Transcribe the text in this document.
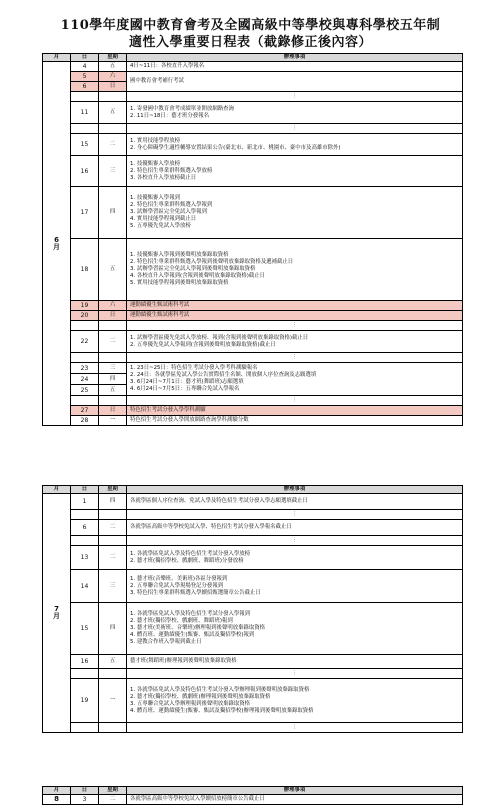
110學年度國中教育會考及全國高級中等學校與專科學校五年制
適性入學重要日程表（截錄修正後內容）
月	日	星期	辦理事項
6
月	4	五	4日~11日：各校直升入學報名

	5	六	國中教育會考補行考試

	6	日	
			⋮
	11	五	1. 寄發國中教育會考成績單並開放網路查詢
2. 11日~18日：藝才班分發報名

			⋮
	15	二	1. 實用技能學程放榜
2. 身心障礙學生適性輔導安置結果公告(臺北市、新北市、桃園市、臺中市及高雄市除外)

	16	三	1. 技優甄審入學放榜
2. 特色招生專業群科甄選入學放榜
3. 各校直升入學放榜截止日

	17	四	1. 技優甄審入學報到
2. 特色招生專業群科甄選入學報到
3. 試辦學習區完全免試入學報到
4. 實用技能學程報到截止日
5. 五專優先免試入學放榜

	18	五	1. 技優甄審入學報到後聲明放棄錄取資格
2. 特色招生專業群科甄選入學報到後聲明放棄錄取資格及遞補截止日
3. 試辦學習區完全免試入學報到後聲明放棄錄取資格
4. 各校直升入學報到(含報到後聲明放棄錄取資格)截止日
5. 實用技能學程報到後聲明放棄錄取資格

	19	六	運動績優生甄試術科考試

	20	日	運動績優生甄試術科考試

			⋮
	22	二	1. 試辦學習區優先免試入學放榜、報到(含報到後聲明放棄錄取資格)截止日
2. 五專優先免試入學報到(含報到後聲明放棄錄取資格)截止日

			⋮
	23	三	1. 23日~25日：特色招生考試分發入學考科測驗報名
2. 24日：各就學區免試入學公告實際招生名額、開放個人序位查詢及志願選填
3. 6月24日~7月1日：藝才班(舞蹈班)志願選填
4. 6月24日~7月5日：五專聯合免試入學報名

	24	四	
	25	五	
			⋮
	27	日	特色招生考試分發入學學科測驗

	28	一	特色招生考試分發入學開放網路查詢學科測驗分數
月	日	星期	辦理事項
7
月	1	四	各就學區個人序位查詢、免試入學及特色招生考試分發入學志願選填截止日

			⋮
	6	二	各就學區高級中等學校免試入學、特色招生考試分發入學報名截止日

			⋮
	13	二	1. 各就學區免試入學及特色招生考試分發入學放榜
2. 藝才班(獨招學校、戲劇班、舞蹈班)分發放榜

	14	三	1. 藝才班(音樂班、美術班)各區分發報到
2. 五專聯合免試入學現場登記分發報到
3. 特色招生專業群科甄選入學續招甄選簡章公告截止日

	15	四	1. 各就學區免試入學及特色招生考試分發入學報到
2. 藝才班(獨招學校、戲劇班、舞蹈班)報到
3. 藝才班(美術班、音樂班)辦理報到後聲明放棄錄取資格
4. 體育班、運動績優生(甄審、甄試及獨招學校)報到
5. 建教合作班入學報到截止日

	16	五	藝才班(舞蹈班)辦理報到後聲明放棄錄取資格

			⋮
	19	一	1. 各就學區免試入學及特色招生考試分發入學辦理報到後聲明放棄錄取資格
2. 藝才班(獨招學校、戲劇班)辦理報到後聲明放棄錄取資格
3. 五專聯合免試入學辦理報到後聲明放棄錄取資格
4. 體育班、運動績優生(甄審、甄試及獨招學校)辦理報到後聲明放棄錄取資格

			⋮
月	日	星期	辦理事項
8	3	二	各就學區高級中等學校免試入學續招放榜簡章公告截止日
